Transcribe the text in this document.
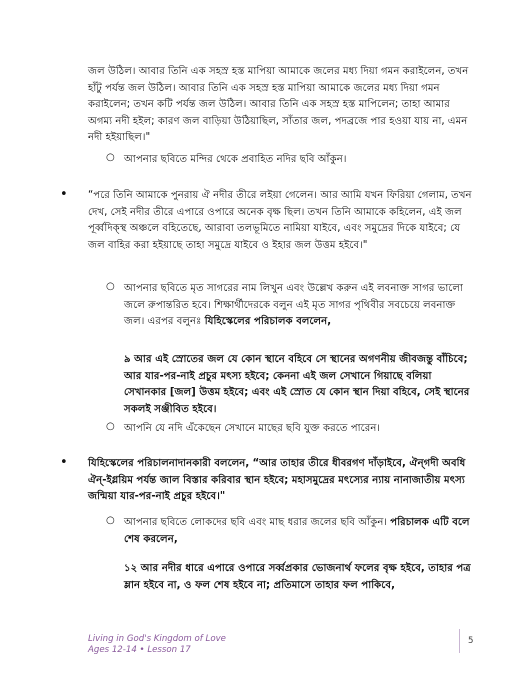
জল উঠিল। আবার তিনি এক সহস্র হস্ত মাপিয়া আমাকে জলের মধ্য দিয়া গমন করাইলেন, তখন হাঁটু পর্যন্ত জল উঠিল। আবার তিনি এক সহস্র হস্ত মাপিয়া আমাকে জলের মধ্য দিয়া গমন করাইলেন; তখন কটি পর্যন্ত জল উঠিল। আবার তিনি এক সহস্র হস্ত মাপিলেন; তাহা আমার অগম্য নদী হইল; কারণ জল বাড়িয়া উঠিয়াছিল, সাঁতার জল, পদব্রজে পার হওয়া যায় না, এমন নদী হইয়াছিল।"
○ আপনার ছবিতে মন্দির থেকে প্রবাহিত নদির ছবি আঁকুন।
• “পরে তিনি আমাকে পুনরায় ঐ নদীর তীরে লইয়া গেলেন। আর আমি যখন ফিরিয়া গেলাম, তখন দেখ, সেই নদীর তীরে এপারে ওপারে অনেক বৃক্ষ ছিল। তখন তিনি আমাকে কহিলেন, এই জল পূর্ব্বদিক্স্থ অঞ্চলে বহিতেছে, আরাবা তলভূমিতে নামিয়া যাইবে, এবং সমুদ্রের দিকে যাইবে; যে জল বাহির করা হইয়াছে তাহা সমুদ্রে যাইবে ও ইহার জল উত্তম হইবে।"
○ আপনার ছবিতে মৃত সাগরের নাম লিখুন এবং উল্লেখ করুন এই লবনাক্ত সাগর ভালো জলে রুপান্তরিত হবে। শিক্ষার্থীদেরকে বলুন এই মৃত সাগর পৃথিবীর সবচেয়ে লবনাক্ত জল। এরপর বলুনঃ যিহিস্কেলের পরিচালক বললেন,
৯ আর এই স্রোতের জল যে কোন স্থানে বহিবে সে স্থানের অগণনীয় জীবজন্তু বাঁচিবে; আর যার-পর-নাই প্রচুর মৎস্য হইবে; কেননা এই জল সেখানে গিয়াছে বলিয়া সেখানকার [জল] উত্তম হইবে; এবং এই স্রোত যে কোন স্থান দিয়া বহিবে, সেই স্থানের সকলই সঞ্জীবিত হইবে।
○ আপনি যে নদি এঁকেছেন সেখানে মাছের ছবি যুক্ত করতে পারেন।
• যিহিস্কেলের পরিচালনাদানকারী বললেন, “আর তাহার তীরে ধীবরগণ দাঁড়াইবে, ঐন্গদী অবধি ঐন্-ইগ্লয়িম পর্যন্ত জাল বিস্তার করিবার স্থান হইবে; মহাসমুদ্রের মৎস্যের ন্যায় নানাজাতীয় মৎস্য জন্মিয়া যার-পর-নাই প্রচুর হইবে।"
○ আপনার ছবিতে লোকদের ছবি এবং মাছ ধরার জলের ছবি আঁকুন। পরিচালক এটি বলে শেষ করলেন,
১২ আর নদীর ধারে এপারে ওপারে সর্ব্বপ্রকার ভোজনার্থ ফলের বৃক্ষ হইবে, তাহার পত্র ম্লান হইবে না, ও ফল শেষ হইবে না; প্রতিমাসে তাহার ফল পাকিবে,
Living in God's Kingdom of Love
Ages 12-14 • Lesson 17
5
